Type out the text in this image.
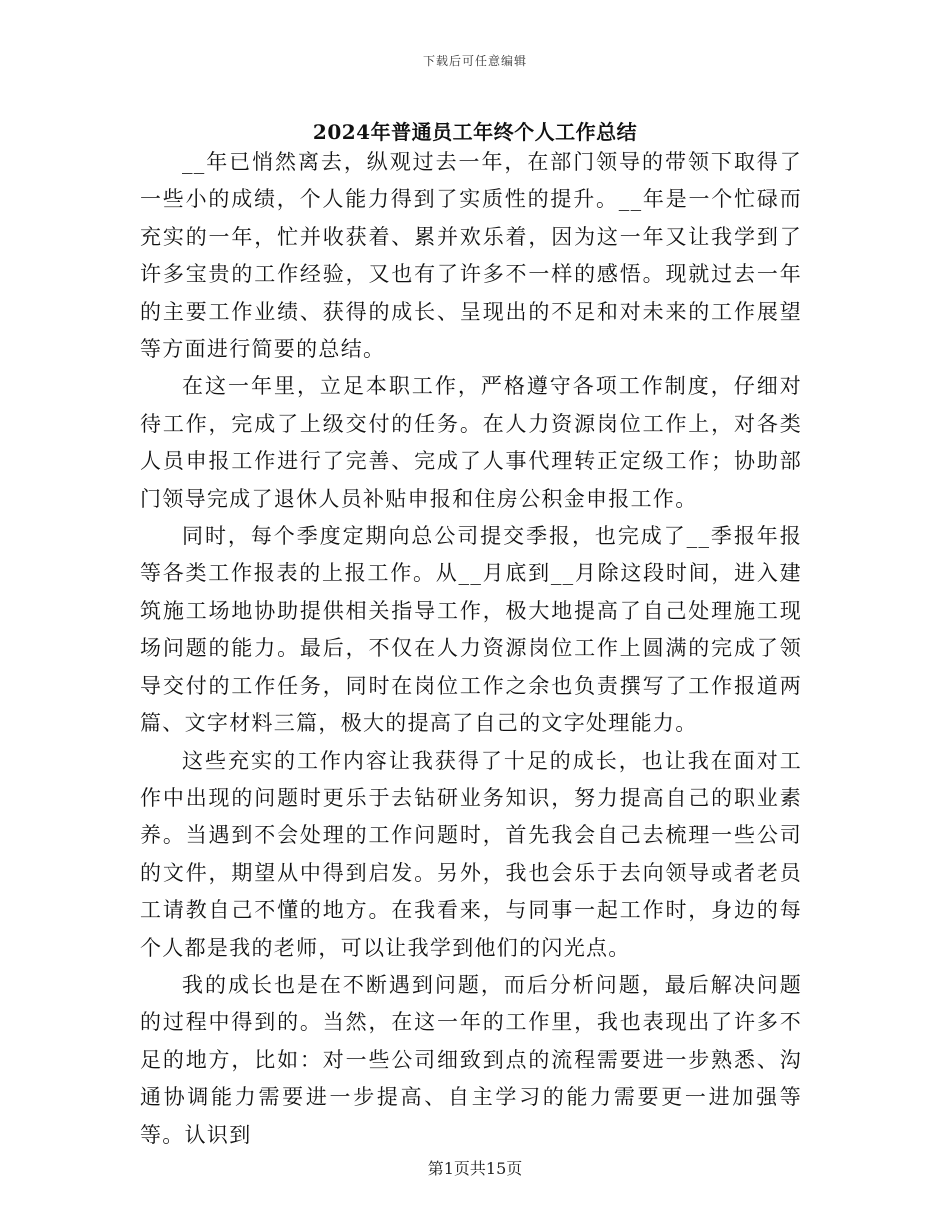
下载后可任意编辑
2024年普通员工年终个人工作总结

__年已悄然离去，纵观过去一年，在部门领导的带领下取得了一些小的成绩，个人能力得到了实质性的提升。__年是一个忙碌而充实的一年，忙并收获着、累并欢乐着，因为这一年又让我学到了许多宝贵的工作经验，又也有了许多不一样的感悟。现就过去一年的主要工作业绩、获得的成长、呈现出的不足和对未来的工作展望等方面进行简要的总结。

在这一年里，立足本职工作，严格遵守各项工作制度，仔细对待工作，完成了上级交付的任务。在人力资源岗位工作上，对各类人员申报工作进行了完善、完成了人事代理转正定级工作；协助部门领导完成了退休人员补贴申报和住房公积金申报工作。

同时，每个季度定期向总公司提交季报，也完成了__季报年报等各类工作报表的上报工作。从__月底到__月除这段时间，进入建筑施工场地协助提供相关指导工作，极大地提高了自己处理施工现场问题的能力。最后，不仅在人力资源岗位工作上圆满的完成了领导交付的工作任务，同时在岗位工作之余也负责撰写了工作报道两篇、文字材料三篇，极大的提高了自己的文字处理能力。

这些充实的工作内容让我获得了十足的成长，也让我在面对工作中出现的问题时更乐于去钻研业务知识，努力提高自己的职业素养。当遇到不会处理的工作问题时，首先我会自己去梳理一些公司的文件，期望从中得到启发。另外，我也会乐于去向领导或者老员工请教自己不懂的地方。在我看来，与同事一起工作时，身边的每个人都是我的老师，可以让我学到他们的闪光点。

我的成长也是在不断遇到问题，而后分析问题，最后解决问题的过程中得到的。当然，在这一年的工作里，我也表现出了许多不足的地方，比如：对一些公司细致到点的流程需要进一步熟悉、沟通协调能力需要进一步提高、自主学习的能力需要更一进加强等等。认识到

第1页共15页
